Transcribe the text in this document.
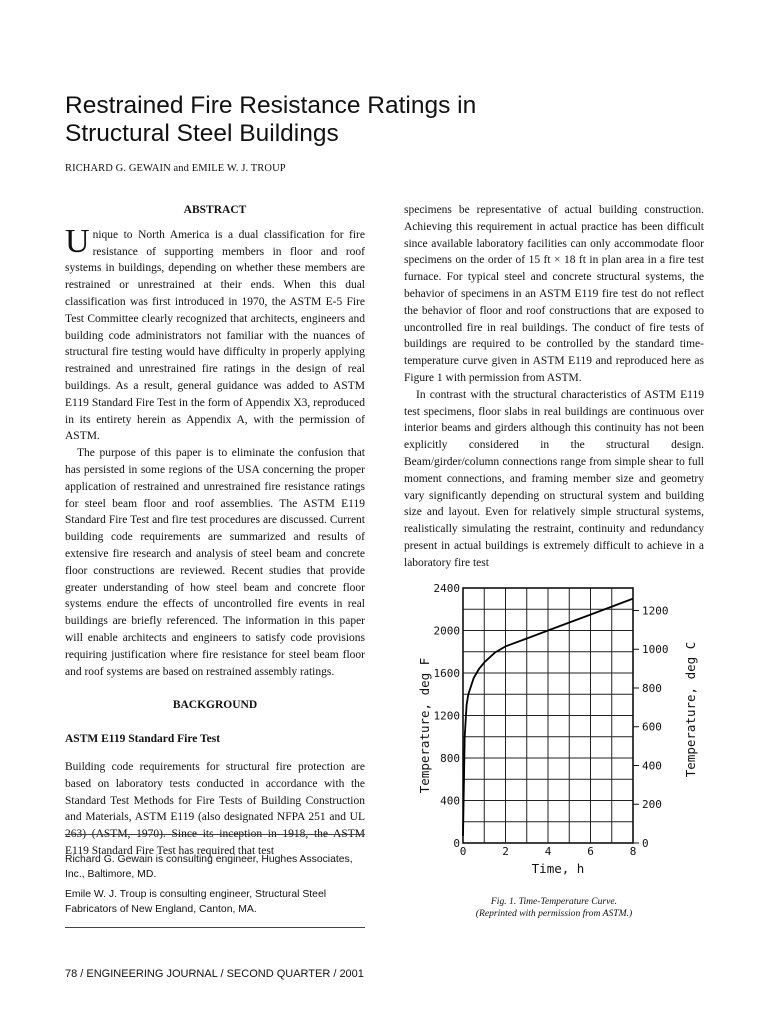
Restrained Fire Resistance Ratings in
Structural Steel Buildings
RICHARD G. GEWAIN and EMILE W. J. TROUP

ABSTRACT

Unique to North America is a dual classification for fire resistance of supporting members in floor and roof systems in buildings, depending on whether these members are restrained or unrestrained at their ends. When this dual classification was first introduced in 1970, the ASTM E-5 Fire Test Committee clearly recognized that architects, engineers and building code administrators not familiar with the nuances of structural fire testing would have difficulty in properly applying restrained and unrestrained fire ratings in the design of real buildings. As a result, general guidance was added to ASTM E119 Standard Fire Test in the form of Appendix X3, reproduced in its entirety herein as Appendix A, with the permission of ASTM.

The purpose of this paper is to eliminate the confusion that has persisted in some regions of the USA concerning the proper application of restrained and unrestrained fire resistance ratings for steel beam floor and roof assemblies. The ASTM E119 Standard Fire Test and fire test procedures are discussed. Current building code requirements are summarized and results of extensive fire research and analysis of steel beam and concrete floor constructions are reviewed. Recent studies that provide greater understanding of how steel beam and concrete floor systems endure the effects of uncontrolled fire events in real buildings are briefly referenced. The information in this paper will enable architects and engineers to satisfy code provisions requiring justification where fire resistance for steel beam floor and roof systems are based on restrained assembly ratings.

BACKGROUND

ASTM E119 Standard Fire Test

Building code requirements for structural fire protection are based on laboratory tests conducted in accordance with the Standard Test Methods for Fire Tests of Building Construction and Materials, ASTM E119 (also designated NFPA 251 and UL 263) (ASTM, 1970). Since its inception in 1918, the ASTM E119 Standard Fire Test has required that test

specimens be representative of actual building construction. Achieving this requirement in actual practice has been difficult since available laboratory facilities can only accommodate floor specimens on the order of 15 ft × 18 ft in plan area in a fire test furnace. For typical steel and concrete structural systems, the behavior of specimens in an ASTM E119 fire test do not reflect the behavior of floor and roof constructions that are exposed to uncontrolled fire in real buildings. The conduct of fire tests of buildings are required to be controlled by the standard time-temperature curve given in ASTM E119 and reproduced here as Figure 1 with permission from ASTM.

In contrast with the structural characteristics of ASTM E119 test specimens, floor slabs in real buildings are continuous over interior beams and girders although this continuity has not been explicitly considered in the structural design. Beam/girder/column connections range from simple shear to full moment connections, and framing member size and geometry vary significantly depending on structural system and building size and layout. Even for relatively simple structural systems, realistically simulating the restraint, continuity and redundancy present in actual buildings is extremely difficult to achieve in a laboratory fire test

0
400
800
1200
1600
2000
2400
0	2	4	6	8
0
200
400
600
800
1000
1200
Time, h
Temperature, deg F	Temperature, deg C
Fig. 1. Time-Temperature Curve.
(Reprinted with permission from ASTM.)

Richard G. Gewain is consulting engineer, Hughes Associates, Inc., Baltimore, MD.

Emile W. J. Troup is consulting engineer, Structural Steel Fabricators of New England, Canton, MA.

78 / ENGINEERING JOURNAL / SECOND QUARTER / 2001
